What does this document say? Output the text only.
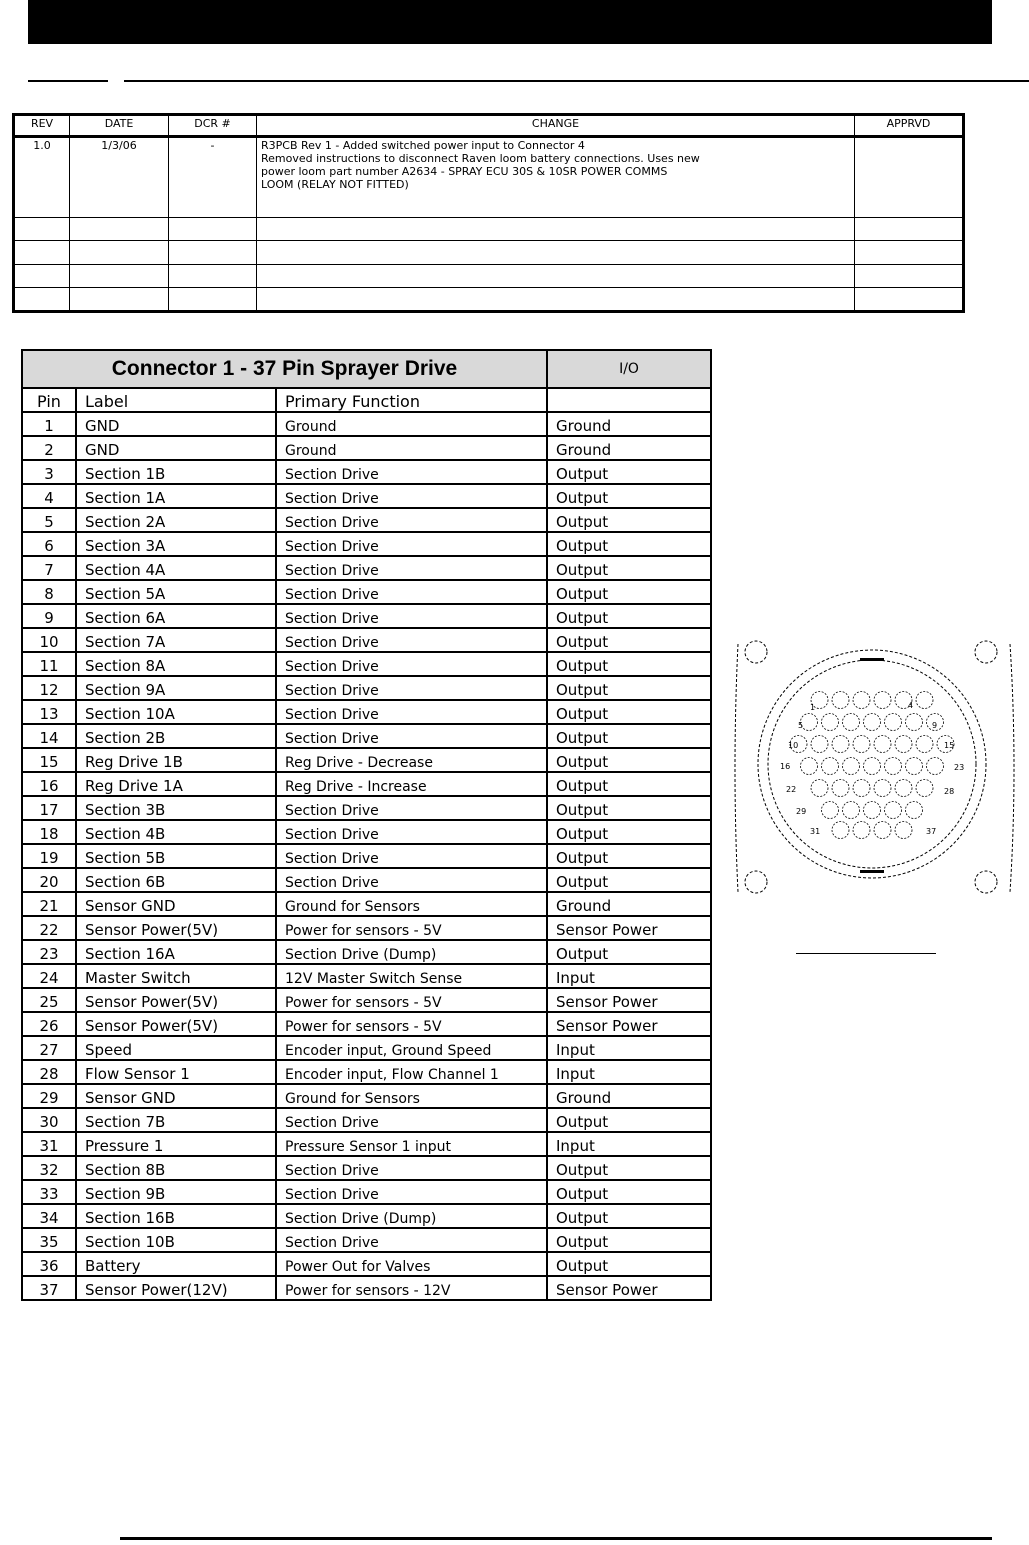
REV	DATE	DCR #	CHANGE	APPRVD
1.0	1/3/06	-	R3PCB Rev 1 - Added switched power input to Connector 4
Removed instructions to disconnect Raven loom battery connections. Uses new
power loom part number A2634 - SPRAY ECU 30S & 10SR POWER COMMS
LOOM (RELAY NOT FITTED)	

Connector 1 - 37 Pin Sprayer Drive			I/O
Pin	Label	Primary Function	
1	GND	Ground	Ground
2	GND	Ground	Ground
3	Section 1B	Section Drive	Output
4	Section 1A	Section Drive	Output
5	Section 2A	Section Drive	Output
6	Section 3A	Section Drive	Output
7	Section 4A	Section Drive	Output
8	Section 5A	Section Drive	Output
9	Section 6A	Section Drive	Output
10	Section 7A	Section Drive	Output
11	Section 8A	Section Drive	Output
12	Section 9A	Section Drive	Output
13	Section 10A	Section Drive	Output
14	Section 2B	Section Drive	Output
15	Reg Drive 1B	Reg Drive - Decrease	Output
16	Reg Drive 1A	Reg Drive - Increase	Output
17	Section 3B	Section Drive	Output
18	Section 4B	Section Drive	Output
19	Section 5B	Section Drive	Output
20	Section 6B	Section Drive	Output
21	Sensor GND	Ground for Sensors	Ground
22	Sensor Power(5V)	Power for sensors - 5V	Sensor Power
23	Section 16A	Section Drive (Dump)	Output
24	Master Switch	12V Master Switch Sense	Input
25	Sensor Power(5V)	Power for sensors - 5V	Sensor Power
26	Sensor Power(5V)	Power for sensors - 5V	Sensor Power
27	Speed	Encoder input, Ground Speed	Input
28	Flow Sensor 1	Encoder input, Flow Channel 1	Input
29	Sensor GND	Ground for Sensors	Ground
30	Section 7B	Section Drive	Output
31	Pressure 1	Pressure Sensor 1 input	Input
32	Section 8B	Section Drive	Output
33	Section 9B	Section Drive	Output
34	Section 16B	Section Drive (Dump)	Output
35	Section 10B	Section Drive	Output
36	Battery	Power Out for Valves	Output
37	Sensor Power(12V)	Power for sensors - 12V	Sensor Power
1	4
5	9
10	15
16	23
22	28
29
31	37
